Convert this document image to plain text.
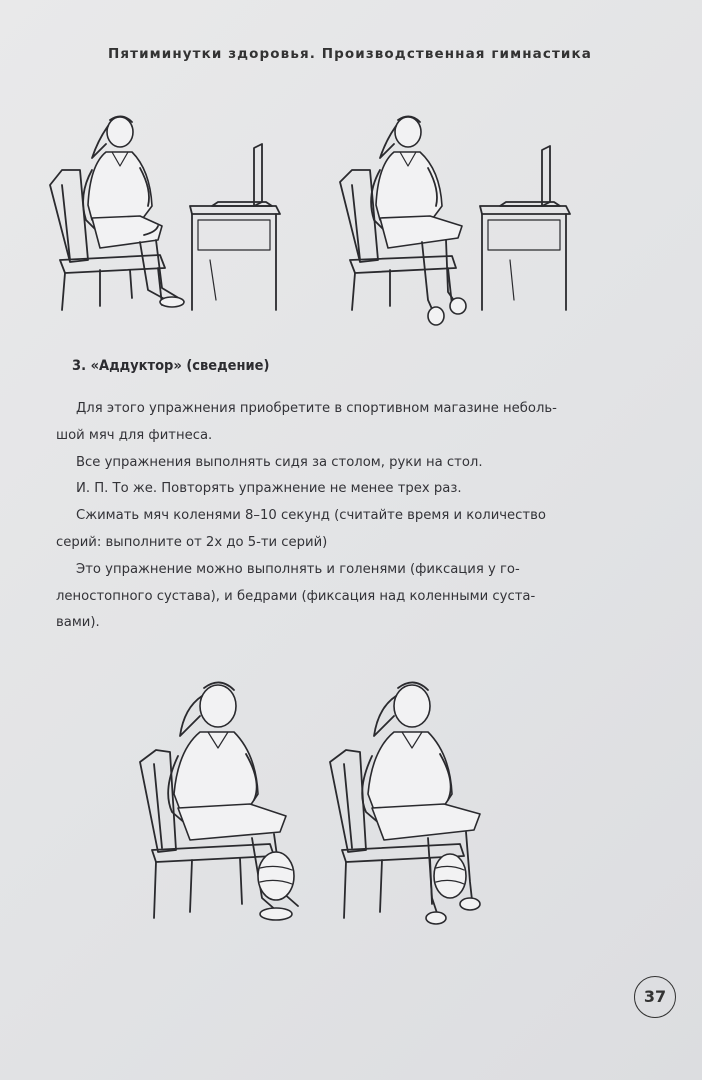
Пятиминутки здоровья. Производственная гимнастика
3. «Аддуктор» (сведение)
Для этого упражнения приобретите в спортивном магазине неболь-
шой мяч для фитнеса.
Все упражнения выполнять сидя за столом, руки на стол.
И. П. То же. Повторять упражнение не менее трех раз.
Сжимать мяч коленями 8–10 секунд (считайте время и количество
серий: выполните от 2х до 5-ти серий)
Это упражнение можно выполнять и голенями (фиксация у го-
леностопного сустава), и бедрами (фиксация над коленными суста-
вами).
37
